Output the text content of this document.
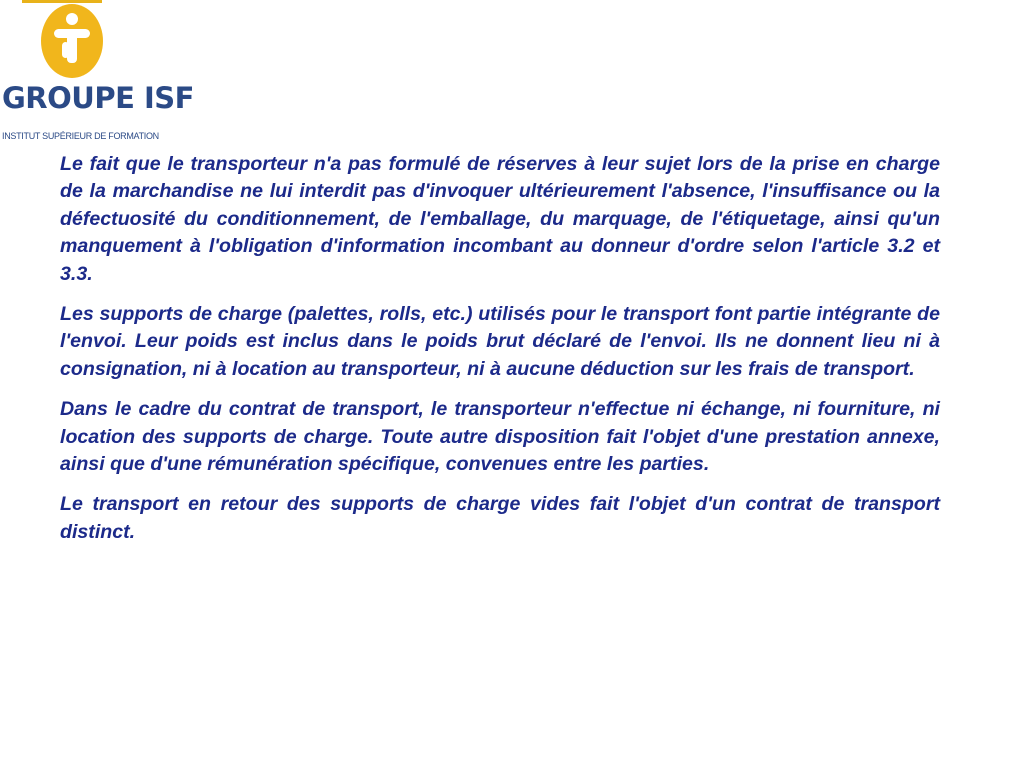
GROUPE ISF
INSTITUT SUPÉRIEUR DE FORMATION

Le fait que le transporteur n'a pas formulé de réserves à leur sujet lors de la prise en charge de la marchandise ne lui interdit pas d'invoquer ultérieurement l'absence, l'insuffisance ou la défectuosité du conditionnement, de l'emballage, du marquage, de l'étiquetage, ainsi qu'un manquement à l'obligation d'information incombant au donneur d'ordre selon l'article 3.2 et 3.3.

Les supports de charge (palettes, rolls, etc.) utilisés pour le transport font partie intégrante de l'envoi. Leur poids est inclus dans le poids brut déclaré de l'envoi. Ils ne donnent lieu ni à consignation, ni à location au transporteur, ni à aucune déduction sur les frais de transport.

Dans le cadre du contrat de transport, le transporteur n'effectue ni échange, ni fourniture, ni location des supports de charge. Toute autre disposition fait l'objet d'une prestation annexe, ainsi que d'une rémunération spécifique, convenues entre les parties.

Le transport en retour des supports de charge vides fait l'objet d'un contrat de transport distinct.
